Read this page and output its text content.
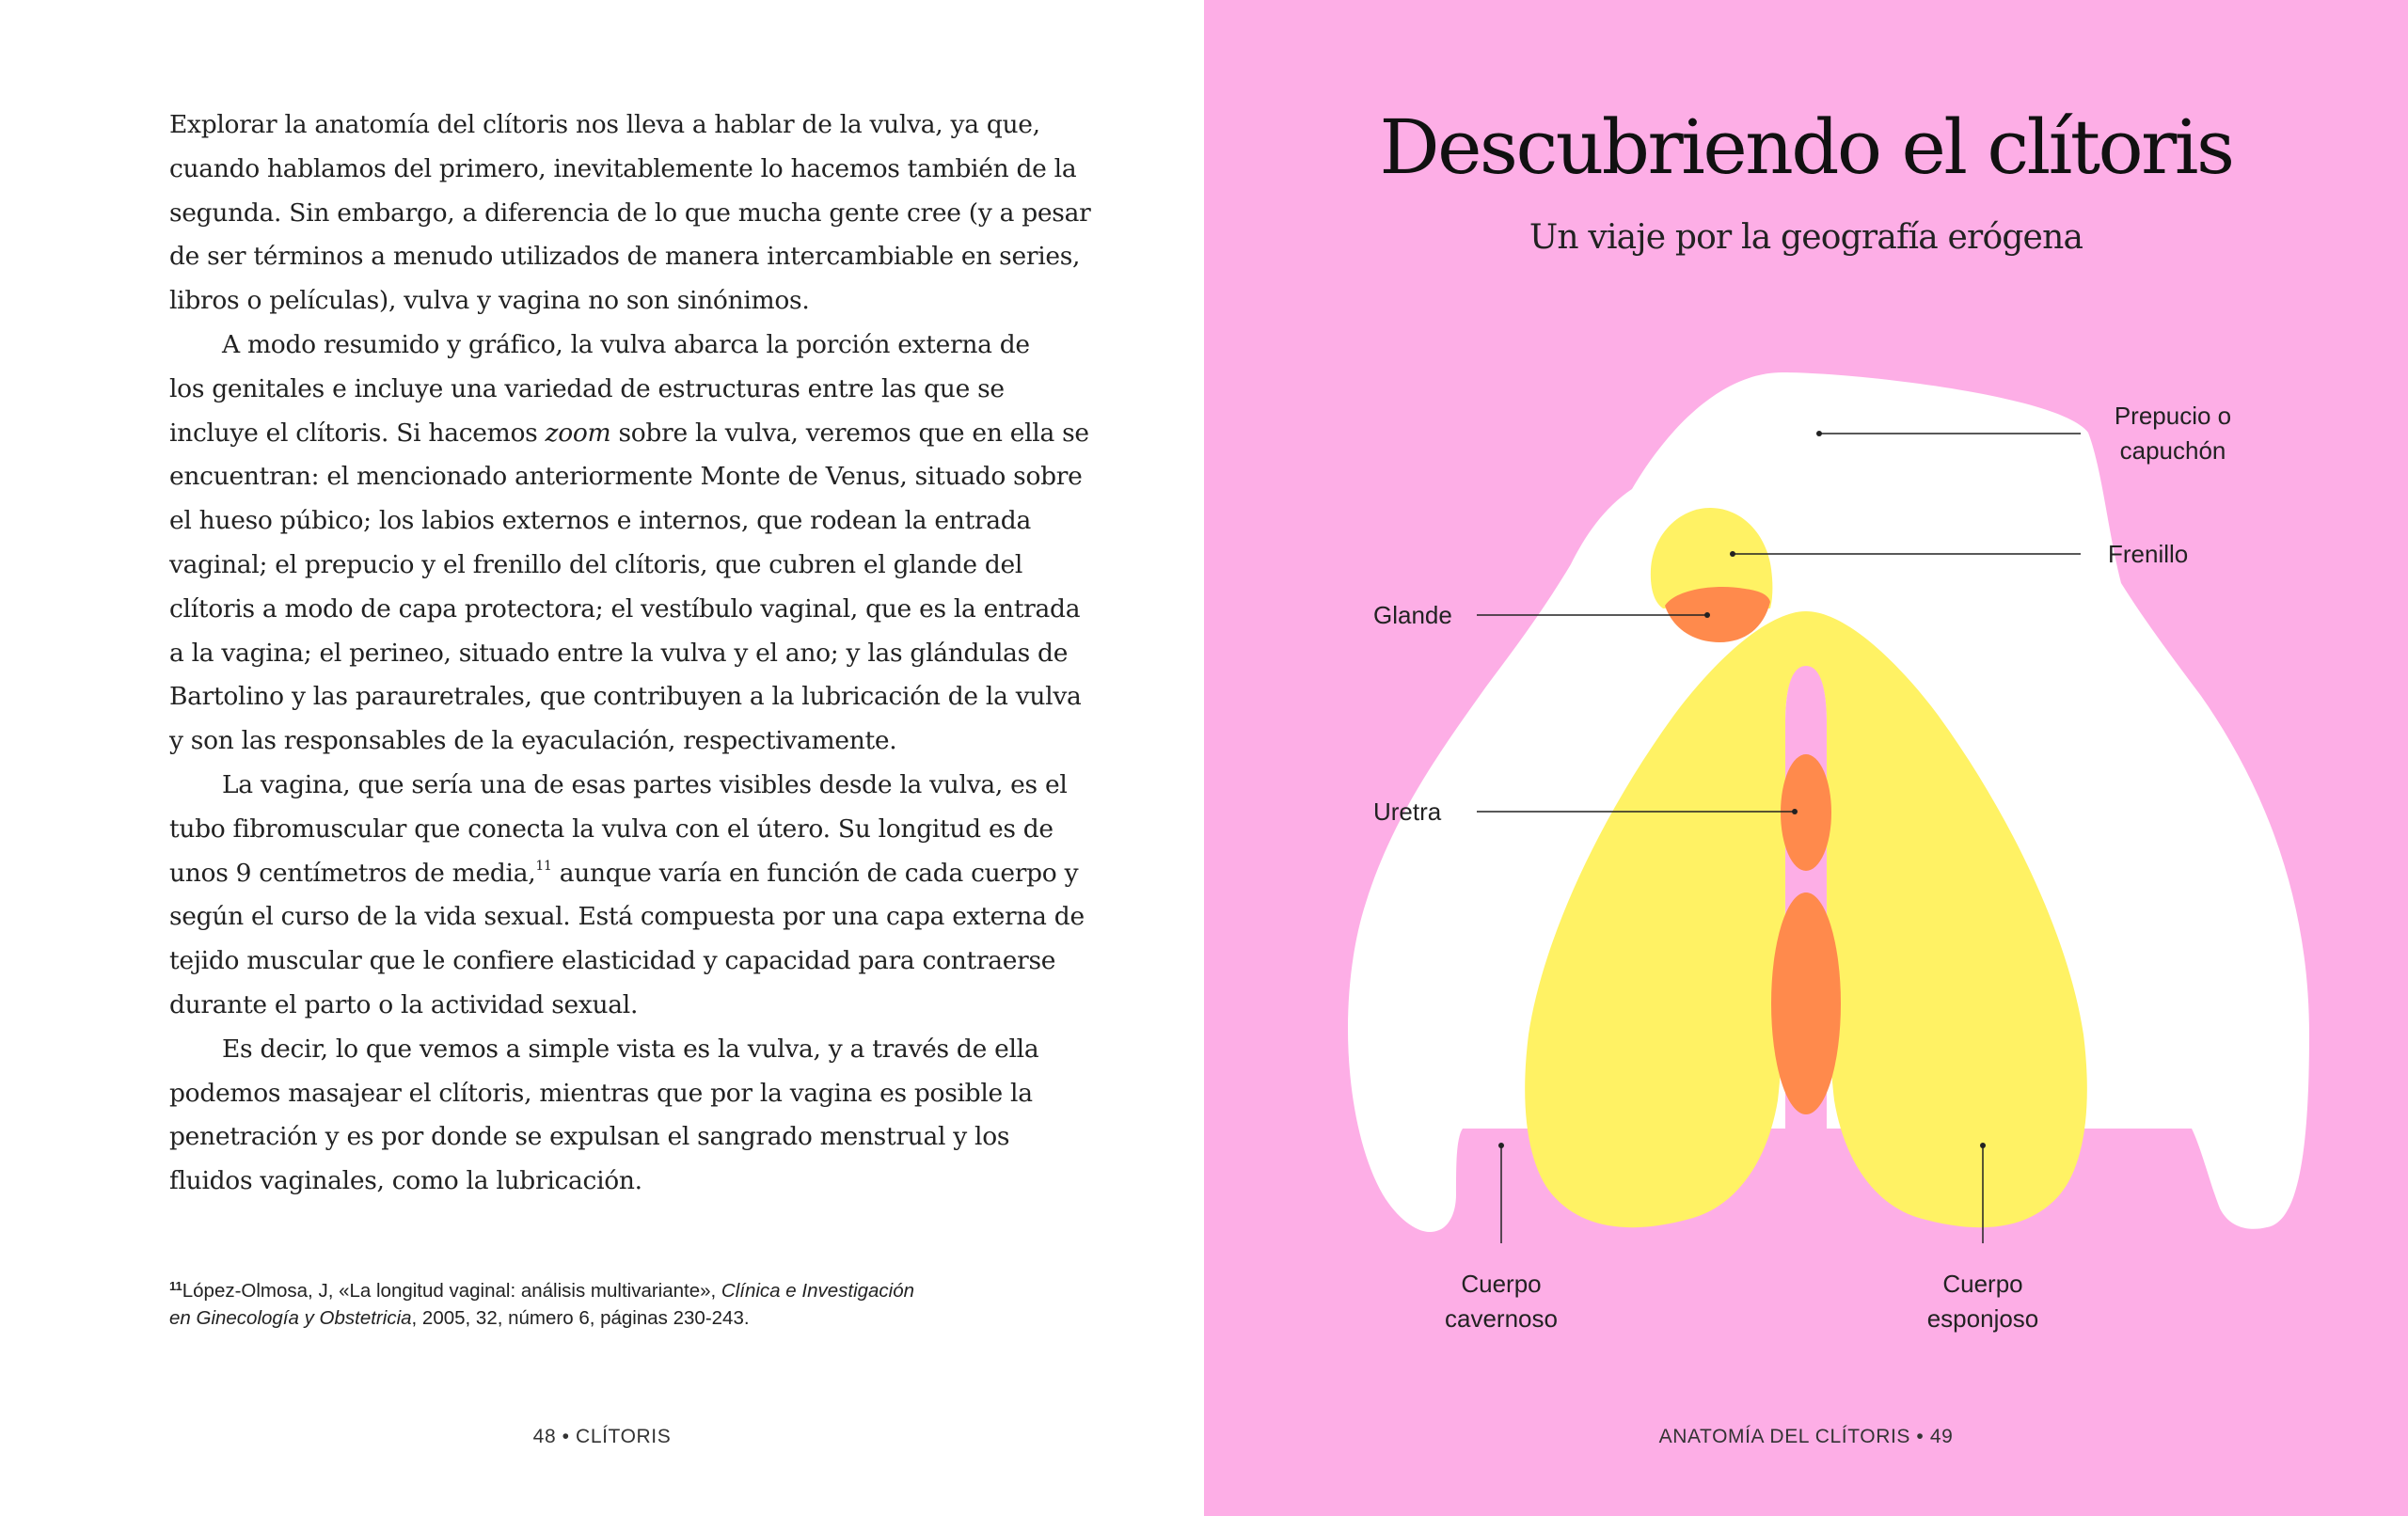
Explorar la anatomía del clítoris nos lleva a hablar de la vulva, ya que,
cuando hablamos del primero, inevitablemente lo hacemos también de la
segunda. Sin embargo, a diferencia de lo que mucha gente cree (y a pesar
de ser términos a menudo utilizados de manera intercambiable en series,
libros o películas), vulva y vagina no son sinónimos.

A modo resumido y gráfico, la vulva abarca la porción externa de
los genitales e incluye una variedad de estructuras entre las que se
incluye el clítoris. Si hacemos zoom sobre la vulva, veremos que en ella se
encuentran: el mencionado anteriormente Monte de Venus, situado sobre
el hueso púbico; los labios externos e internos, que rodean la entrada
vaginal; el prepucio y el frenillo del clítoris, que cubren el glande del
clítoris a modo de capa protectora; el vestíbulo vaginal, que es la entrada
a la vagina; el perineo, situado entre la vulva y el ano; y las glándulas de
Bartolino y las parauretrales, que contribuyen a la lubricación de la vulva
y son las responsables de la eyaculación, respectivamente.

La vagina, que sería una de esas partes visibles desde la vulva, es el
tubo fibromuscular que conecta la vulva con el útero. Su longitud es de
unos 9 centímetros de media,$^{11}$ aunque varía en función de cada cuerpo y
según el curso de la vida sexual. Está compuesta por una capa externa de
tejido muscular que le confiere elasticidad y capacidad para contraerse
durante el parto o la actividad sexual.

Es decir, lo que vemos a simple vista es la vulva, y a través de ella
podemos masajear el clítoris, mientras que por la vagina es posible la
penetración y es por donde se expulsan el sangrado menstrual y los
fluidos vaginales, como la lubricación.

$^{11}$López-Olmosa, J, «La longitud vaginal: análisis multivariante», Clínica e Investigación
en Ginecología y Obstetricia, 2005, 32, número 6, páginas 230-243.
48 • CLÍTORIS
Descubriendo el clítoris
Un viaje por la geografía erógena
Prepucio o
capuchón
Frenillo
Glande
Uretra
Cuerpo
cavernoso
Cuerpo
esponjoso
ANATOMÍA DEL CLÍTORIS • 49
